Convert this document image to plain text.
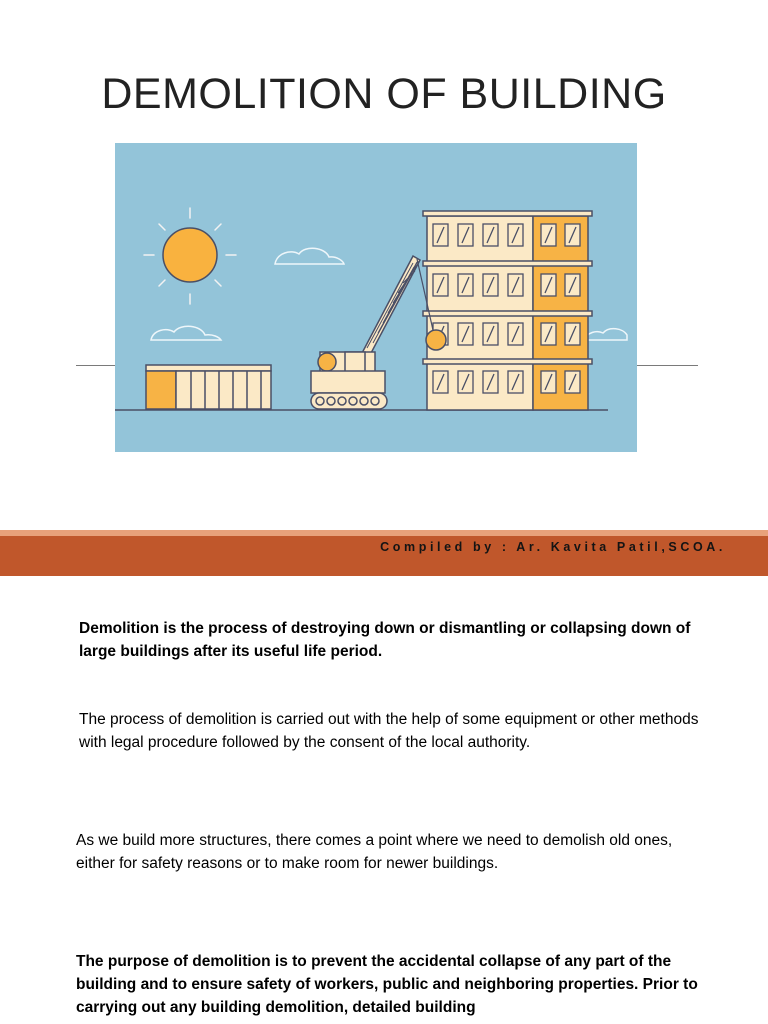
DEMOLITION OF BUILDING
Compiled by : Ar. Kavita Patil,SCOA.
Demolition is the process of destroying down or dismantling or collapsing down of large buildings after its useful life period.
The process of demolition is carried out with the help of some equipment or other methods with legal procedure followed by the consent of the local authority.
As we build more structures, there comes a point where we need to demolish old ones, either for safety reasons or to make room for newer buildings.
The purpose of demolition is to prevent the accidental collapse of any part of the building and to ensure safety of workers, public and neighboring properties. Prior to carrying out any building demolition, detailed building
